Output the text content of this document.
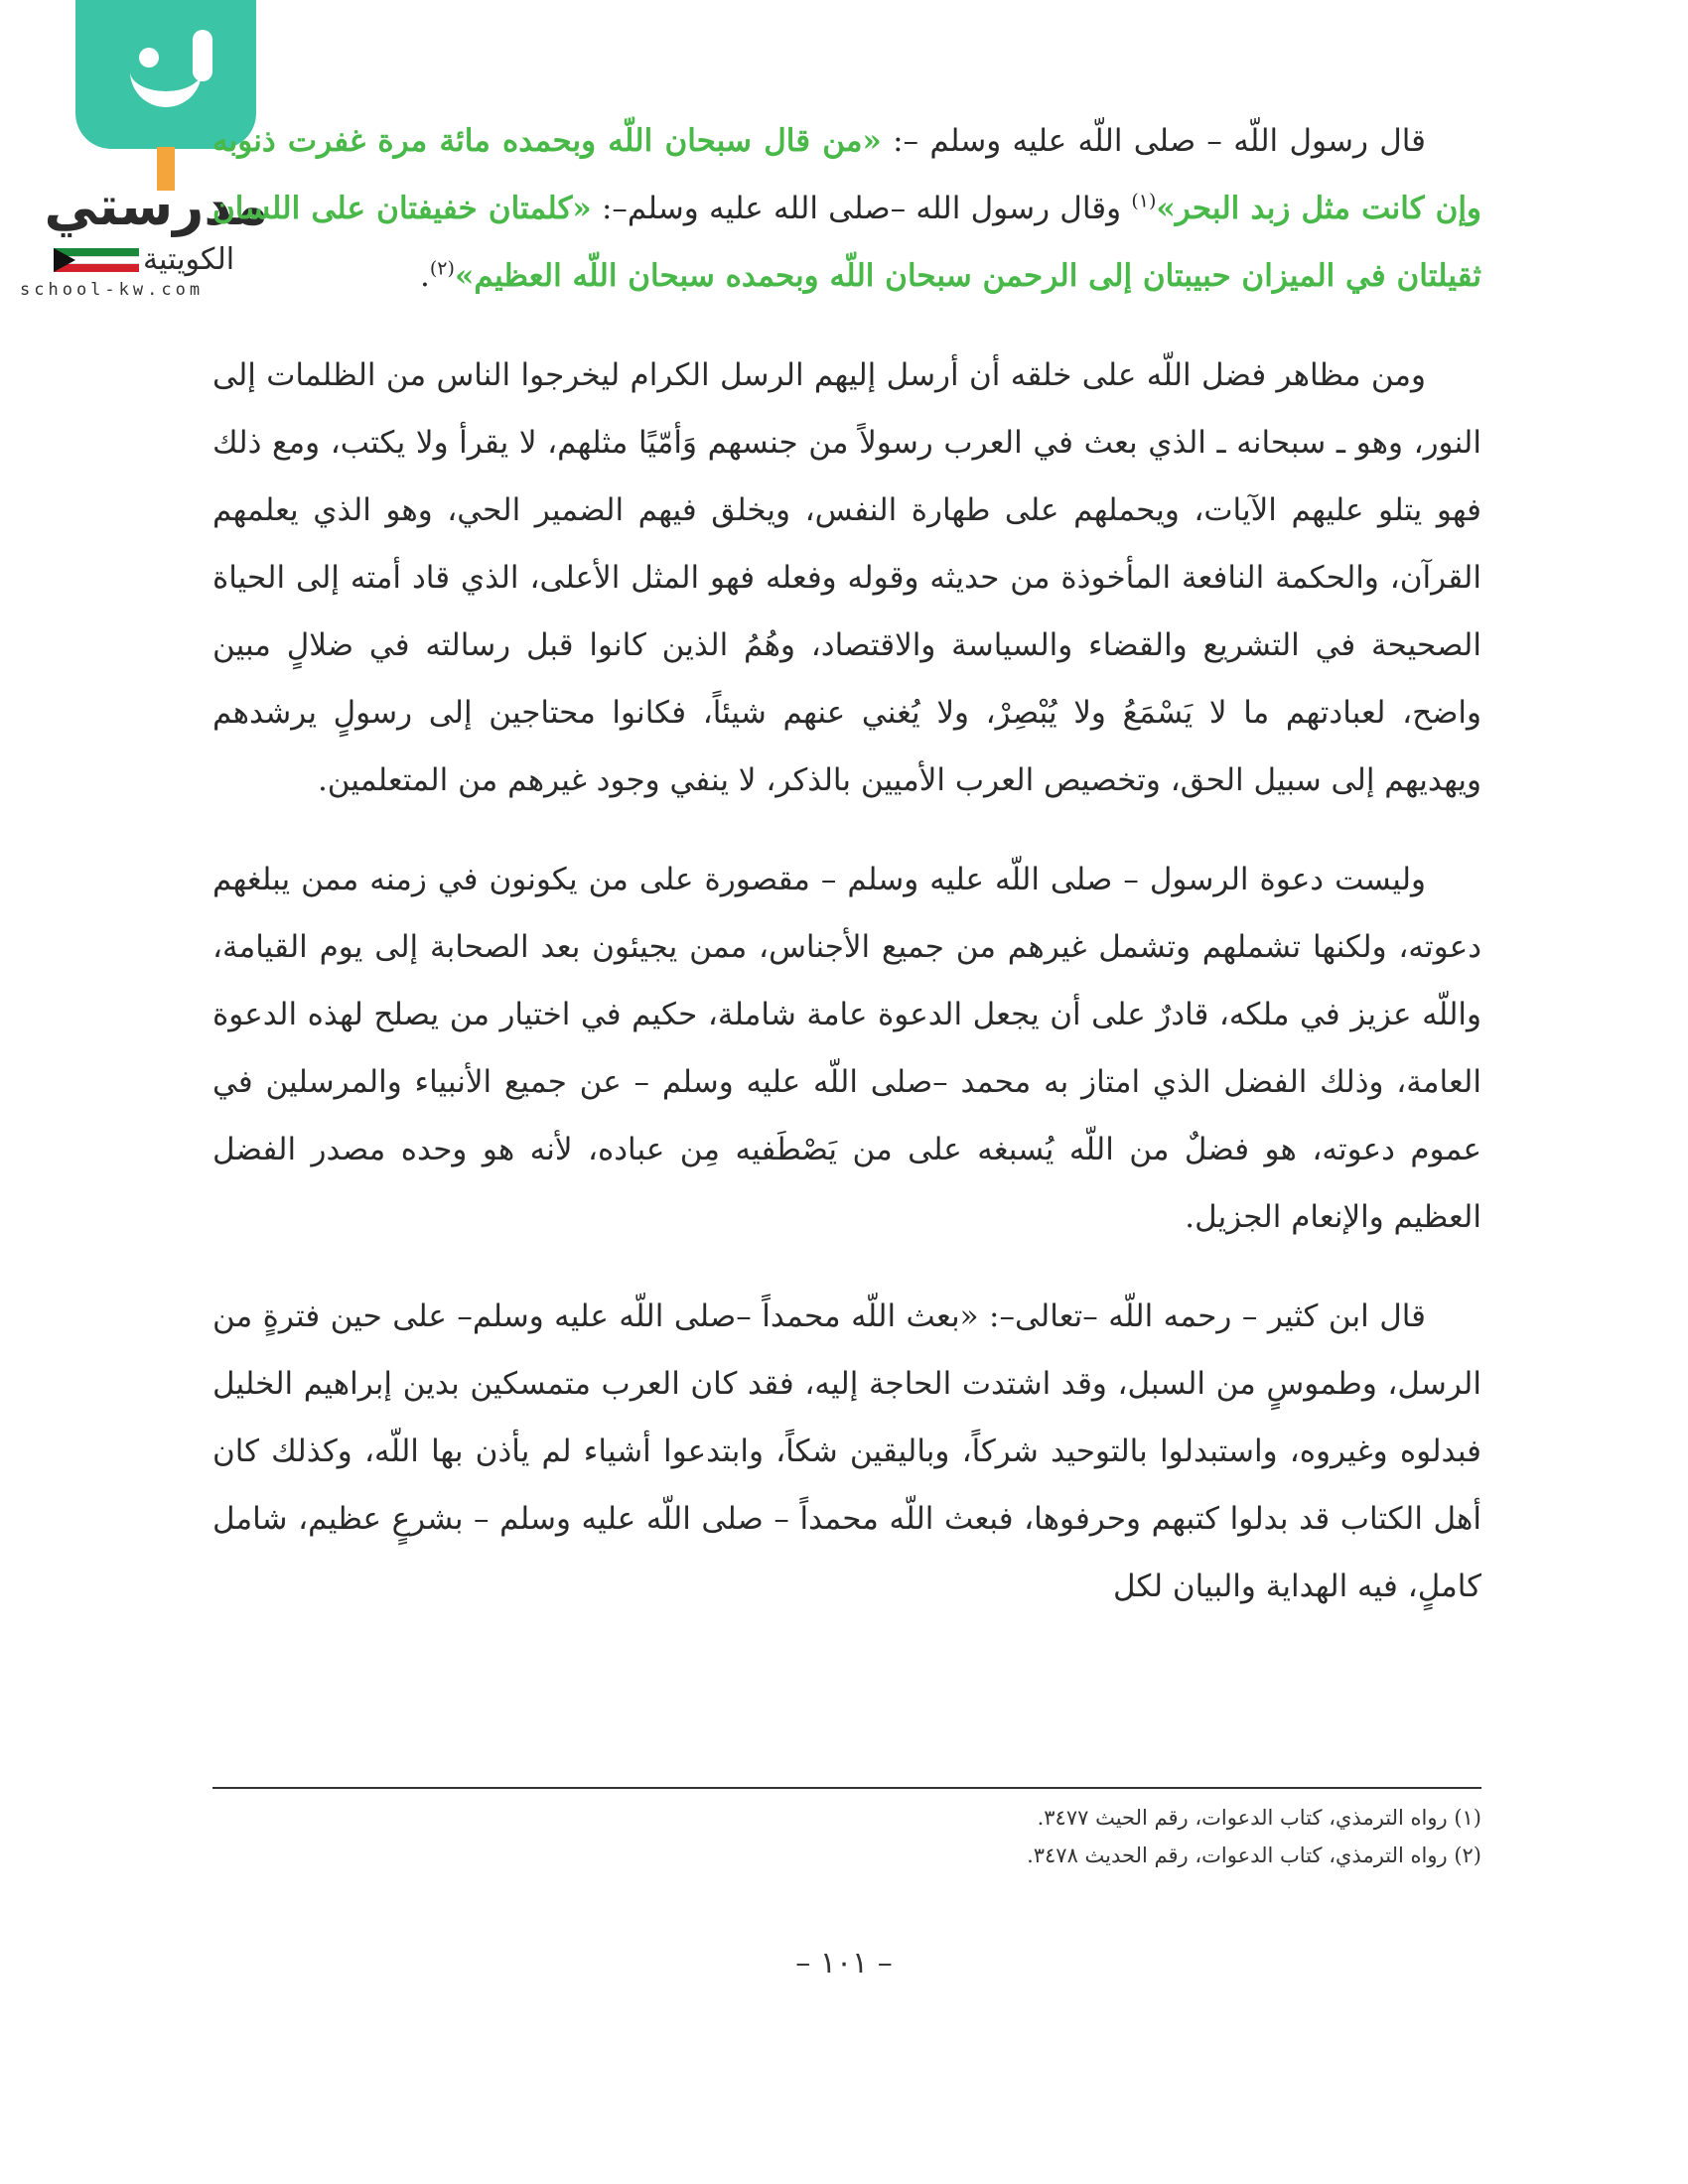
مدرستي
الكويتية
school-kw.com

قال رسول اللّه – صلى اللّه عليه وسلم –: «من قال سبحان اللّه وبحمده مائة مرة غفرت ذنوبه وإن كانت مثل زبد البحر»$^{(١)}$ وقال رسول الله –صلى الله عليه وسلم–: «كلمتان خفيفتان على اللسان ثقيلتان في الميزان حبيبتان إلى الرحمن سبحان اللّه وبحمده سبحان اللّه العظيم»$^{(٢)}$.

ومن مظاهر فضل اللّه على خلقه أن أرسل إليهم الرسل الكرام ليخرجوا الناس من الظلمات إلى النور، وهو ـ سبحانه ـ الذي بعث في العرب رسولاً من جنسهم وَأمّيًا مثلهم، لا يقرأ ولا يكتب، ومع ذلك فهو يتلو عليهم الآيات، ويحملهم على طهارة النفس، ويخلق فيهم الضمير الحي، وهو الذي يعلمهم القرآن، والحكمة النافعة المأخوذة من حديثه وقوله وفعله فهو المثل الأعلى، الذي قاد أمته إلى الحياة الصحيحة في التشريع والقضاء والسياسة والاقتصاد، وهُمُ الذين كانوا قبل رسالته في ضلالٍ مبين واضح، لعبادتهم ما لا يَسْمَعُ ولا يُبْصِرْ، ولا يُغني عنهم شيئاً، فكانوا محتاجين إلى رسولٍ يرشدهم ويهديهم إلى سبيل الحق، وتخصيص العرب الأميين بالذكر، لا ينفي وجود غيرهم من المتعلمين.

وليست دعوة الرسول – صلى اللّه عليه وسلم – مقصورة على من يكونون في زمنه ممن يبلغهم دعوته، ولكنها تشملهم وتشمل غيرهم من جميع الأجناس، ممن يجيئون بعد الصحابة إلى يوم القيامة، واللّه عزيز في ملكه، قادرٌ على أن يجعل الدعوة عامة شاملة، حكيم في اختيار من يصلح لهذه الدعوة العامة، وذلك الفضل الذي امتاز به محمد –صلى اللّه عليه وسلم – عن جميع الأنبياء والمرسلين في عموم دعوته، هو فضلٌ من اللّه يُسبغه على من يَصْطَفيه مِن عباده، لأنه هو وحده مصدر الفضل العظيم والإنعام الجزيل.

قال ابن كثير – رحمه اللّه –تعالى–: «بعث اللّه محمداً –صلى اللّه عليه وسلم– على حين فترةٍ من الرسل، وطموسٍ من السبل، وقد اشتدت الحاجة إليه، فقد كان العرب متمسكين بدين إبراهيم الخليل فبدلوه وغيروه، واستبدلوا بالتوحيد شركاً، وباليقين شكاً، وابتدعوا أشياء لم يأذن بها اللّه، وكذلك كان أهل الكتاب قد بدلوا كتبهم وحرفوها، فبعث اللّه محمداً – صلى اللّه عليه وسلم – بشرعٍ عظيم، شامل كاملٍ، فيه الهداية والبيان لكل

(١) رواه الترمذي، كتاب الدعوات، رقم الحيث ٣٤٧٧.

(٢) رواه الترمذي، كتاب الدعوات، رقم الحديث ٣٤٧٨.

– ١٠١ –
